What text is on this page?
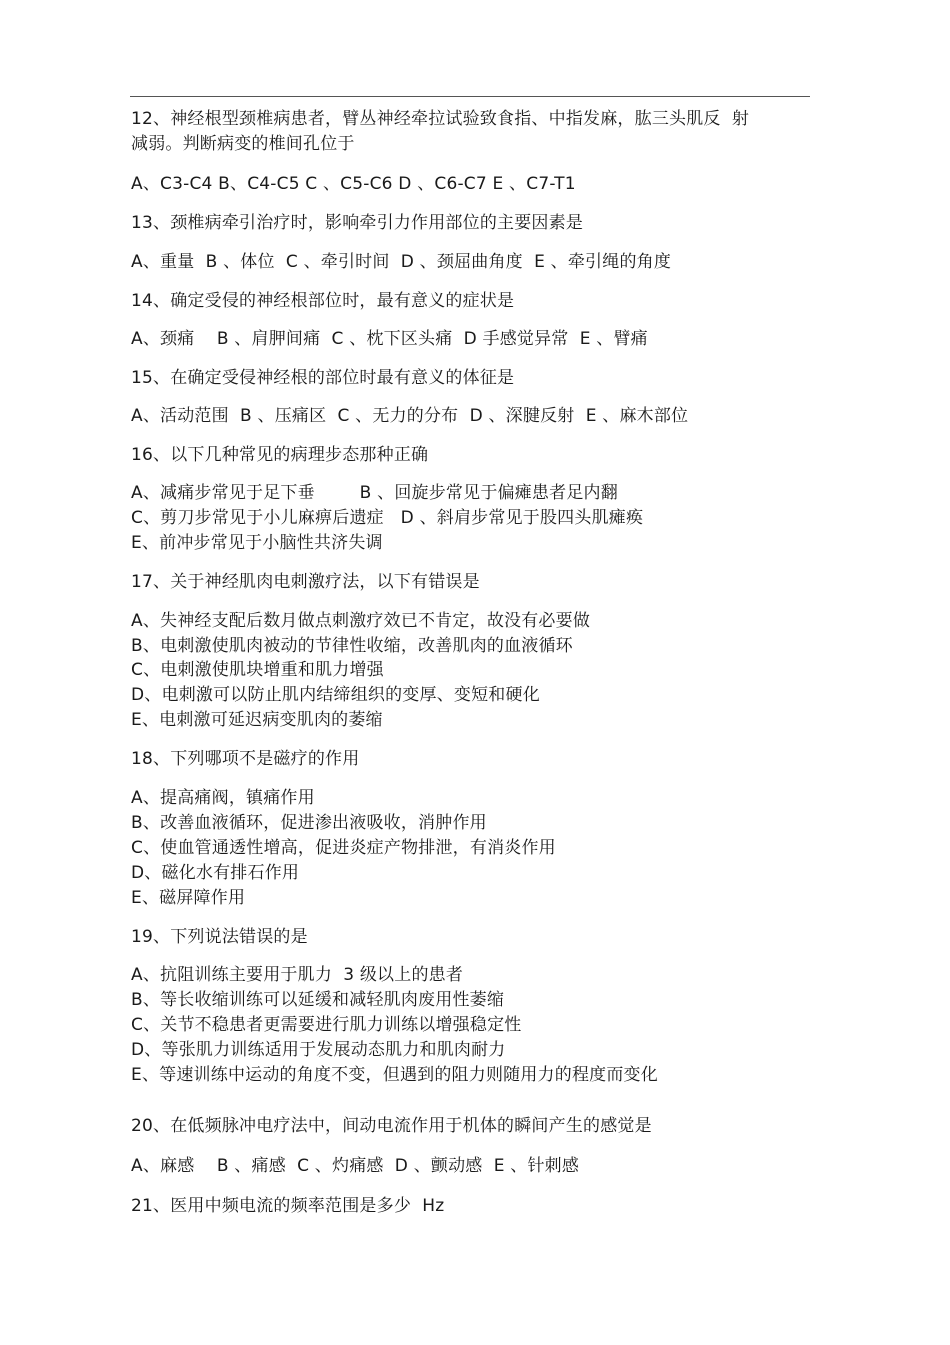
12、神经根型颈椎病患者，臂丛神经牵拉试验致食指、中指发麻，肱三头肌反  射
减弱。判断病变的椎间孔位于
A、C3-C4 B、C4-C5 C 、C5-C6 D 、C6-C7 E 、C7-T1
13、颈椎病牵引治疗时，影响牵引力作用部位的主要因素是
A、重量  B 、体位  C 、牵引时间  D 、颈屈曲角度  E 、牵引绳的角度
14、确定受侵的神经根部位时，最有意义的症状是
A、颈痛    B 、肩胛间痛  C 、枕下区头痛  D 手感觉异常  E 、臂痛
15、在确定受侵神经根的部位时最有意义的体征是
A、活动范围  B 、压痛区  C 、无力的分布  D 、深腱反射  E 、麻木部位
16、以下几种常见的病理步态那种正确
A、减痛步常见于足下垂        B 、回旋步常见于偏瘫患者足内翻
C、剪刀步常见于小儿麻痹后遗症   D 、斜肩步常见于股四头肌瘫痪
E、前冲步常见于小脑性共济失调
17、关于神经肌肉电刺激疗法，以下有错误是
A、失神经支配后数月做点刺激疗效已不肯定，故没有必要做
B、电刺激使肌肉被动的节律性收缩，改善肌肉的血液循环
C、电刺激使肌块增重和肌力增强
D、电刺激可以防止肌内结缔组织的变厚、变短和硬化
E、电刺激可延迟病变肌肉的萎缩
18、下列哪项不是磁疗的作用
A、提高痛阀，镇痛作用
B、改善血液循环，促进渗出液吸收，消肿作用
C、使血管通透性增高，促进炎症产物排泄，有消炎作用
D、磁化水有排石作用
E、磁屏障作用
19、下列说法错误的是
A、抗阻训练主要用于肌力  3 级以上的患者
B、等长收缩训练可以延缓和减轻肌肉废用性萎缩
C、关节不稳患者更需要进行肌力训练以增强稳定性
D、等张肌力训练适用于发展动态肌力和肌肉耐力
E、等速训练中运动的角度不变，但遇到的阻力则随用力的程度而变化
20、在低频脉冲电疗法中，间动电流作用于机体的瞬间产生的感觉是
A、麻感    B 、痛感  C 、灼痛感  D 、颤动感  E 、针刺感
21、医用中频电流的频率范围是多少  Hz
